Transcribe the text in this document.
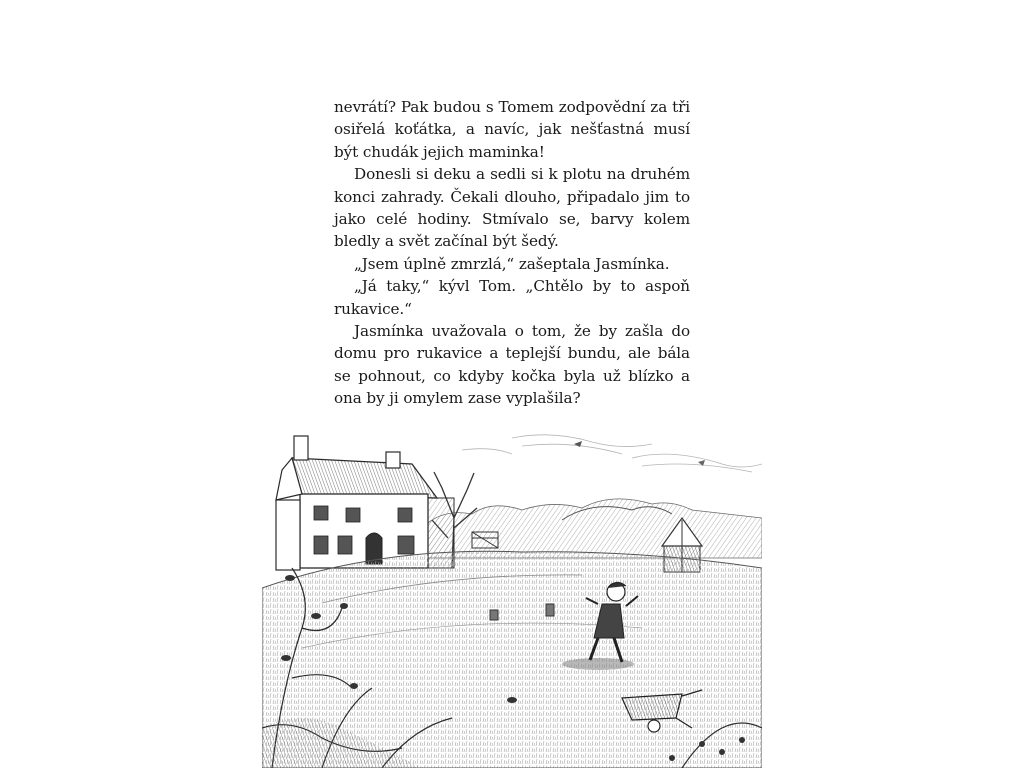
nevrátí? Pak budou s Tomem zodpovědní za tři osiřelá koťátka, a navíc, jak nešťastná musí být chudák jejich maminka!

Donesli si deku a sedli si k plotu na druhém konci zahrady. Čekali dlouho, připadalo jim to jako celé hodiny. Stmívalo se, barvy kolem bledly a svět začínal být šedý.

„Jsem úplně zmrzlá,“ zašeptala Jasmínka.

„Já taky,“ kývl Tom. „Chtělo by to aspoň rukavice.“

Jasmínka uvažovala o tom, že by zašla do domu pro rukavice a teplejší bundu, ale bála se pohnout, co kdyby kočka byla už blízko a ona by ji omylem zase vyplašila?
